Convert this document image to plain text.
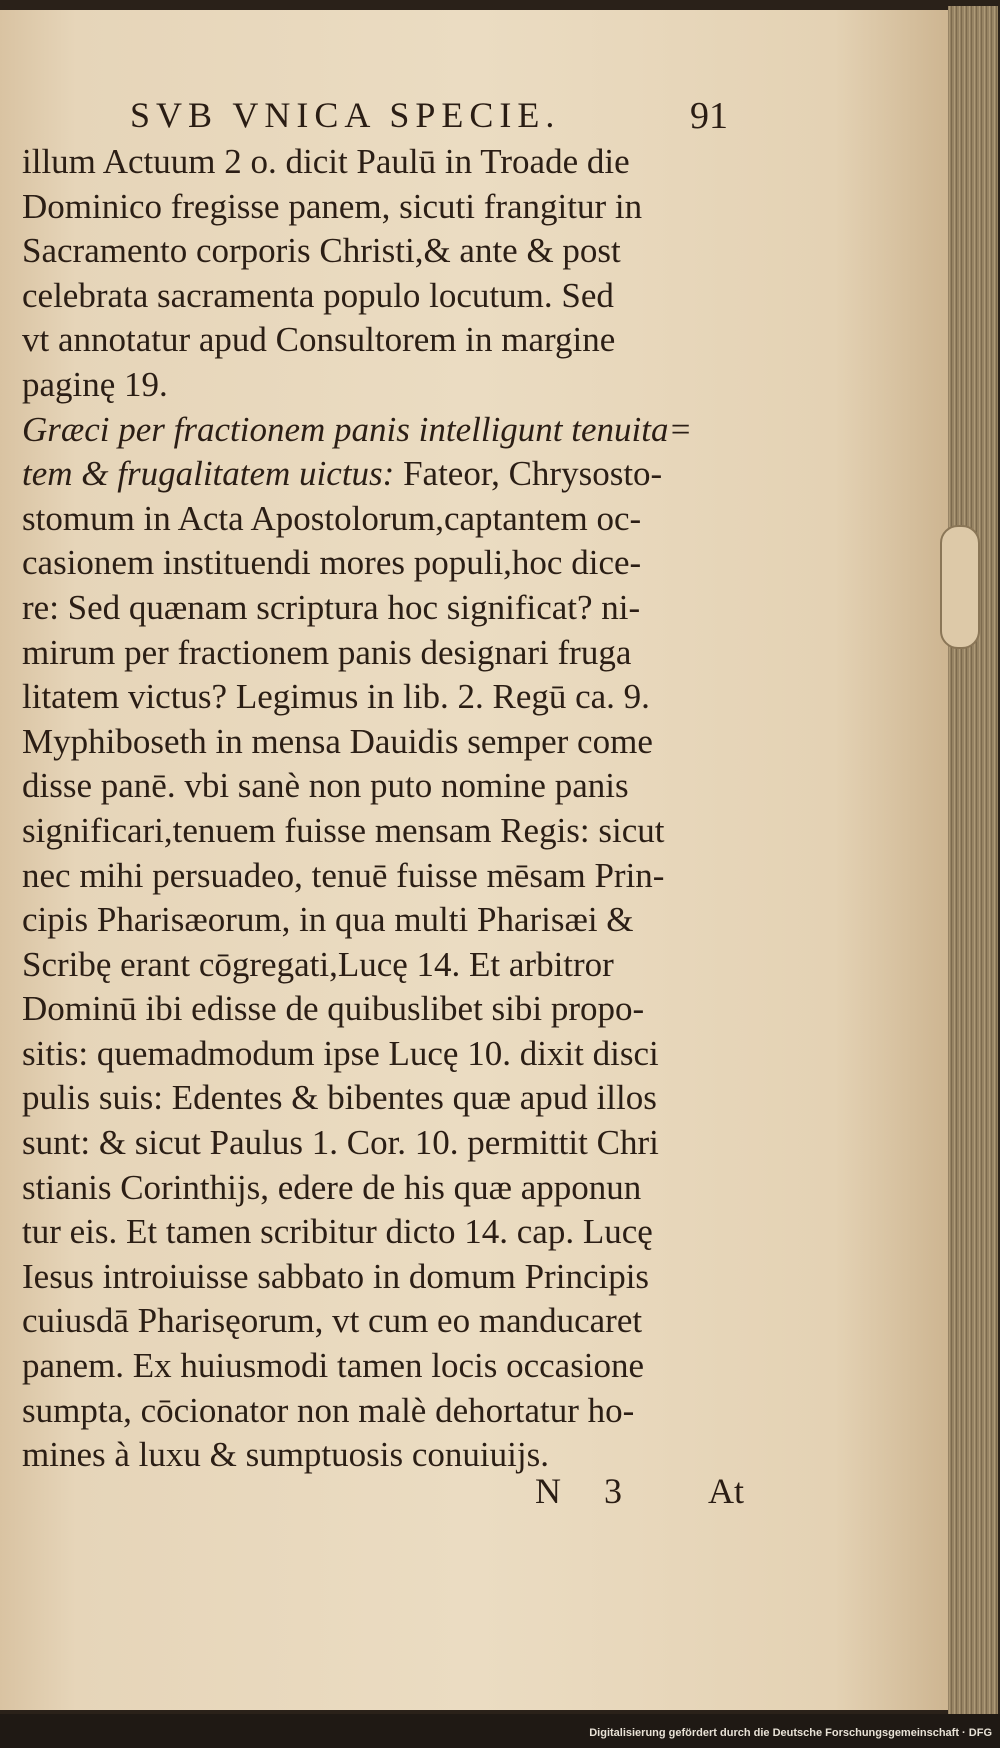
SVB VNICA SPECIE.	91
illum Actuum 2 o. dicit Paulū in Troade die
Dominico fregisse panem, sicuti frangitur in
Sacramento corporis Christi,& ante & post
celebrata sacramenta populo locutum. Sed
vt annotatur apud Consultorem in margine
paginę 19.
Græci per fractionem panis intelligunt tenuita=
tem & frugalitatem uictus: Fateor, Chrysosto-
stomum in Acta Apostolorum,captantem oc-
casionem instituendi mores populi,hoc dice-
re: Sed quænam scriptura hoc significat? ni-
mirum per fractionem panis designari fruga
litatem victus? Legimus in lib. 2. Regū ca. 9.
Myphiboseth in mensa Dauidis semper come
disse panē. vbi sanè non puto nomine panis
significari,tenuem fuisse mensam Regis: sicut
nec mihi persuadeo, tenuē fuisse mēsam Prin-
cipis Pharisæorum, in qua multi Pharisæi &
Scribę erant cōgregati,Lucę 14. Et arbitror
Dominū ibi edisse de quibuslibet sibi propo-
sitis: quemadmodum ipse Lucę 10. dixit disci
pulis suis: Edentes & bibentes quæ apud illos
sunt: & sicut Paulus 1. Cor. 10. permittit Chri
stianis Corinthijs, edere de his quæ apponun
tur eis. Et tamen scribitur dicto 14. cap. Lucę
Iesus introiuisse sabbato in domum Principis
cuiusdā Pharisęorum, vt cum eo manducaret
panem. Ex huiusmodi tamen locis occasione
sumpta, cōcionator non malè dehortatur ho-
mines à luxu & sumptuosis conuiuijs.
N 3 At
Digitalisierung gefördert durch die Deutsche Forschungsgemeinschaft · DFG
